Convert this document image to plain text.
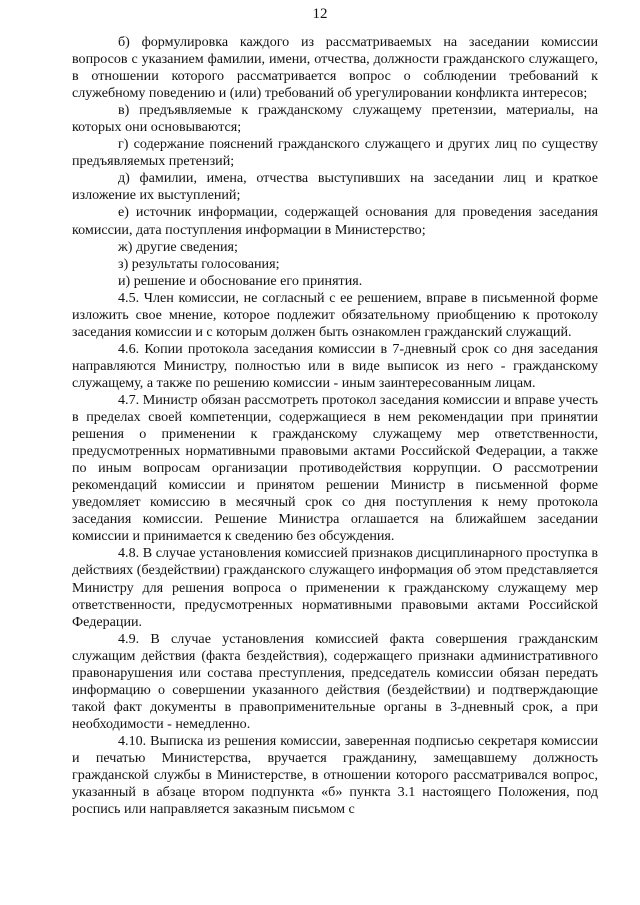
12

б) формулировка каждого из рассматриваемых на заседании комиссии вопросов с указанием фамилии, имени, отчества, должности гражданского служащего, в отношении которого рассматривается вопрос о соблюдении требований к служебному поведению и (или) требований об урегулировании конфликта интересов;

в) предъявляемые к гражданскому служащему претензии, материалы, на которых они основываются;

г) содержание пояснений гражданского служащего и других лиц по существу предъявляемых претензий;

д) фамилии, имена, отчества выступивших на заседании лиц и краткое изложение их выступлений;

е) источник информации, содержащей основания для проведения заседания комиссии, дата поступления информации в Министерство;

ж) другие сведения;

з) результаты голосования;

и) решение и обоснование его принятия.

4.5. Член комиссии, не согласный с ее решением, вправе в письменной форме изложить свое мнение, которое подлежит обязательному приобщению к протоколу заседания комиссии и с которым должен быть ознакомлен гражданский служащий.

4.6. Копии протокола заседания комиссии в 7-дневный срок со дня заседания направляются Министру, полностью или в виде выписок из него - гражданскому служащему, а также по решению комиссии - иным заинтересованным лицам.

4.7. Министр обязан рассмотреть протокол заседания комиссии и вправе учесть в пределах своей компетенции, содержащиеся в нем рекомендации при принятии решения о применении к гражданскому служащему мер ответственности, предусмотренных нормативными правовыми актами Российской Федерации, а также по иным вопросам организации противодействия коррупции. О рассмотрении рекомендаций комиссии и принятом решении Министр в письменной форме уведомляет комиссию в месячный срок со дня поступления к нему протокола заседания комиссии. Решение Министра оглашается на ближайшем заседании комиссии и принимается к сведению без обсуждения.

4.8. В случае установления комиссией признаков дисциплинарного проступка в действиях (бездействии) гражданского служащего информация об этом представляется Министру для решения вопроса о применении к гражданскому служащему мер ответственности, предусмотренных нормативными правовыми актами Российской Федерации.

4.9. В случае установления комиссией факта совершения гражданским служащим действия (факта бездействия), содержащего признаки административного правонарушения или состава преступления, председатель комиссии обязан передать информацию о совершении указанного действия (бездействии) и подтверждающие такой факт документы в правоприменительные органы в 3-дневный срок, а при необходимости - немедленно.

4.10. Выписка из решения комиссии, заверенная подписью секретаря комиссии и печатью Министерства, вручается гражданину, замещавшему должность гражданской службы в Министерстве, в отношении которого рассматривался вопрос, указанный в абзаце втором подпункта «б» пункта 3.1 настоящего Положения, под роспись или направляется заказным письмом с
